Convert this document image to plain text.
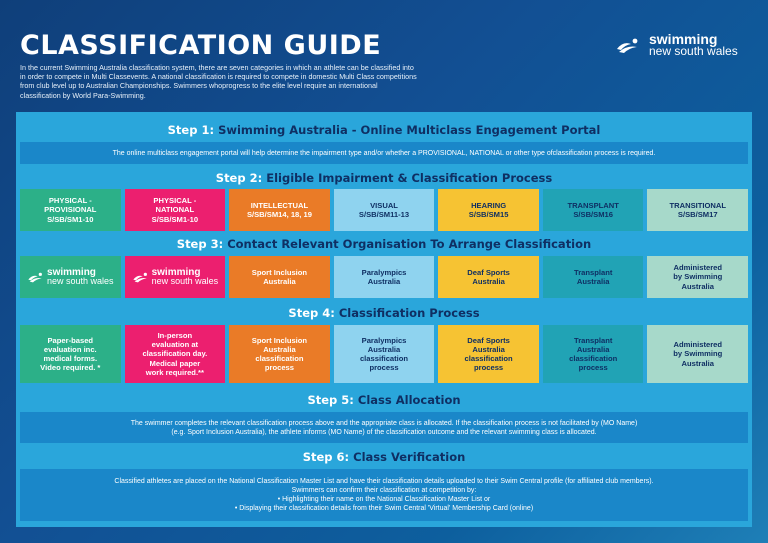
CLASSIFICATION GUIDE
In the current Swimming Australia classification system, there are seven categories in which an athlete can be classified into in order to compete in Multi Classevents. A national classification is required to compete in domestic Multi Class competitions from club level up to Australian Championships. Swimmers whoprogress to the elite level require an international classification by World Para-Swimming.
swimming
new south wales
Step 1: Swimming Australia - Online Multiclass Engagement Portal
The online multiclass engagement portal will help determine the impairment type and/or whether a PROVISIONAL, NATIONAL or other type ofclassification process is required.
Step 2: Eligible Impairment & Classification Process
PHYSICAL -
PROVISIONAL
S/SB/SM1-10
PHYSICAL -
NATIONAL
S/SB/SM1-10
INTELLECTUAL
S/SB/SM14, 18, 19
VISUAL
S/SB/SM11-13
HEARING
S/SB/SM15
TRANSPLANT
S/SB/SM16
TRANSITIONAL
S/SB/SM17
Step 3: Contact Relevant Organisation To Arrange Classification
swimming
new south wales
swimming
new south wales
Sport Inclusion
Australia
Paralympics
Australia
Deaf Sports
Australia
Transplant
Australia
Administered
by Swimming
Australia
Step 4: Classification Process
Paper-based
evaluation inc.
medical forms.
Video required. *
In-person
evaluation at
classification day.
Medical paper
work required.**
Sport Inclusion
Australia
classification
process
Paralympics
Australia
classification
process
Deaf Sports
Australia
classification
process
Transplant
Australia
classification
process
Administered
by Swimming
Australia
Step 5: Class Allocation
The swimmer completes the relevant classification process above and the appropriate class is allocated. If the classification process is not facilitated by (MO Name)
(e.g. Sport Inclusion Australia), the athlete informs (MO Name) of the classification outcome and the relevant swimming class is allocated.
Step 6: Class Verification
Classified athletes are placed on the National Classification Master List and have their classification details uploaded to their Swim Central profile (for affiliated club members).
Swimmers can confirm their classification at competition by:
• Highlighting their name on the National Classification Master List or
• Displaying their classification details from their Swim Central 'Virtual' Membership Card (online)
